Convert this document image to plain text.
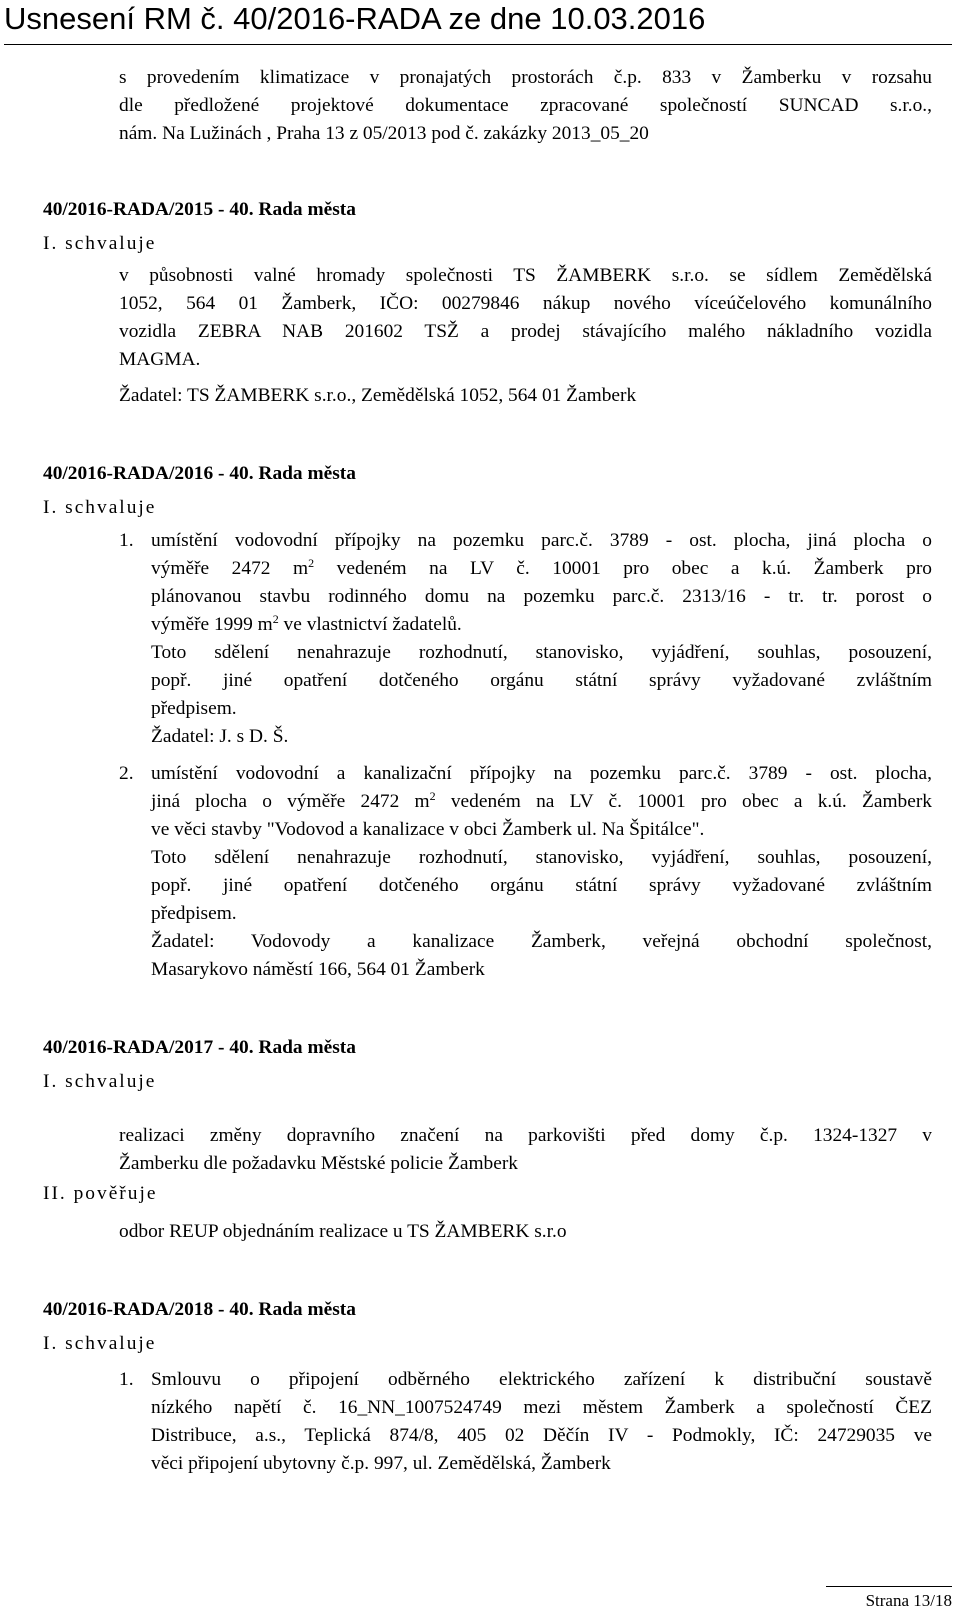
Usnesení RM č. 40/2016-RADA ze dne 10.03.2016
s provedením klimatizace v pronajatých prostorách č.p. 833 v Žamberku v rozsahu
dle předložené projektové dokumentace zpracované společností SUNCAD s.r.o.,
nám. Na Lužinách , Praha 13 z 05/2013 pod č. zakázky 2013_05_20
40/2016-RADA/2015 - 40. Rada města
I. schvaluje
v působnosti valné hromady společnosti TS ŽAMBERK s.r.o. se sídlem Zemědělská
1052, 564 01 Žamberk, IČO: 00279846 nákup nového víceúčelového komunálního
vozidla ZEBRA NAB 201602 TSŽ a prodej stávajícího malého nákladního vozidla
MAGMA.
Žadatel: TS ŽAMBERK s.r.o., Zemědělská 1052, 564 01 Žamberk
40/2016-RADA/2016 - 40. Rada města
I. schvaluje
1. umístění vodovodní přípojky na pozemku parc.č. 3789 - ost. plocha, jiná plocha o
výměře 2472 $m^2$ vedeném na LV č. 10001 pro obec a k.ú. Žamberk pro
plánovanou stavbu rodinného domu na pozemku parc.č. 2313/16 - tr. tr. porost o
výměře 1999 $m^2$ ve vlastnictví žadatelů.
Toto sdělení nenahrazuje rozhodnutí, stanovisko, vyjádření, souhlas, posouzení,
popř. jiné opatření dotčeného orgánu státní správy vyžadované zvláštním
předpisem.
Žadatel: J. s D. Š.
2. umístění vodovodní a kanalizační přípojky na pozemku parc.č. 3789 - ost. plocha,
jiná plocha o výměře 2472 $m^2$ vedeném na LV č. 10001 pro obec a k.ú. Žamberk
ve věci stavby "Vodovod a kanalizace v obci Žamberk ul. Na Špitálce".
Toto sdělení nenahrazuje rozhodnutí, stanovisko, vyjádření, souhlas, posouzení,
popř. jiné opatření dotčeného orgánu státní správy vyžadované zvláštním
předpisem.
Žadatel: Vodovody a kanalizace Žamberk, veřejná obchodní společnost,
Masarykovo náměstí 166, 564 01 Žamberk
40/2016-RADA/2017 - 40. Rada města
I. schvaluje
realizaci změny dopravního značení na parkovišti před domy č.p. 1324-1327 v
Žamberku dle požadavku Městské policie Žamberk
II. pověřuje
odbor REUP objednáním realizace u TS ŽAMBERK s.r.o
40/2016-RADA/2018 - 40. Rada města
I. schvaluje
1. Smlouvu o připojení odběrného elektrického zařízení k distribuční soustavě
nízkého napětí č. 16_NN_1007524749 mezi městem Žamberk a společností ČEZ
Distribuce, a.s., Teplická 874/8, 405 02 Děčín IV - Podmokly, IČ: 24729035 ve
věci připojení ubytovny č.p. 997, ul. Zemědělská, Žamberk
Strana 13/18
